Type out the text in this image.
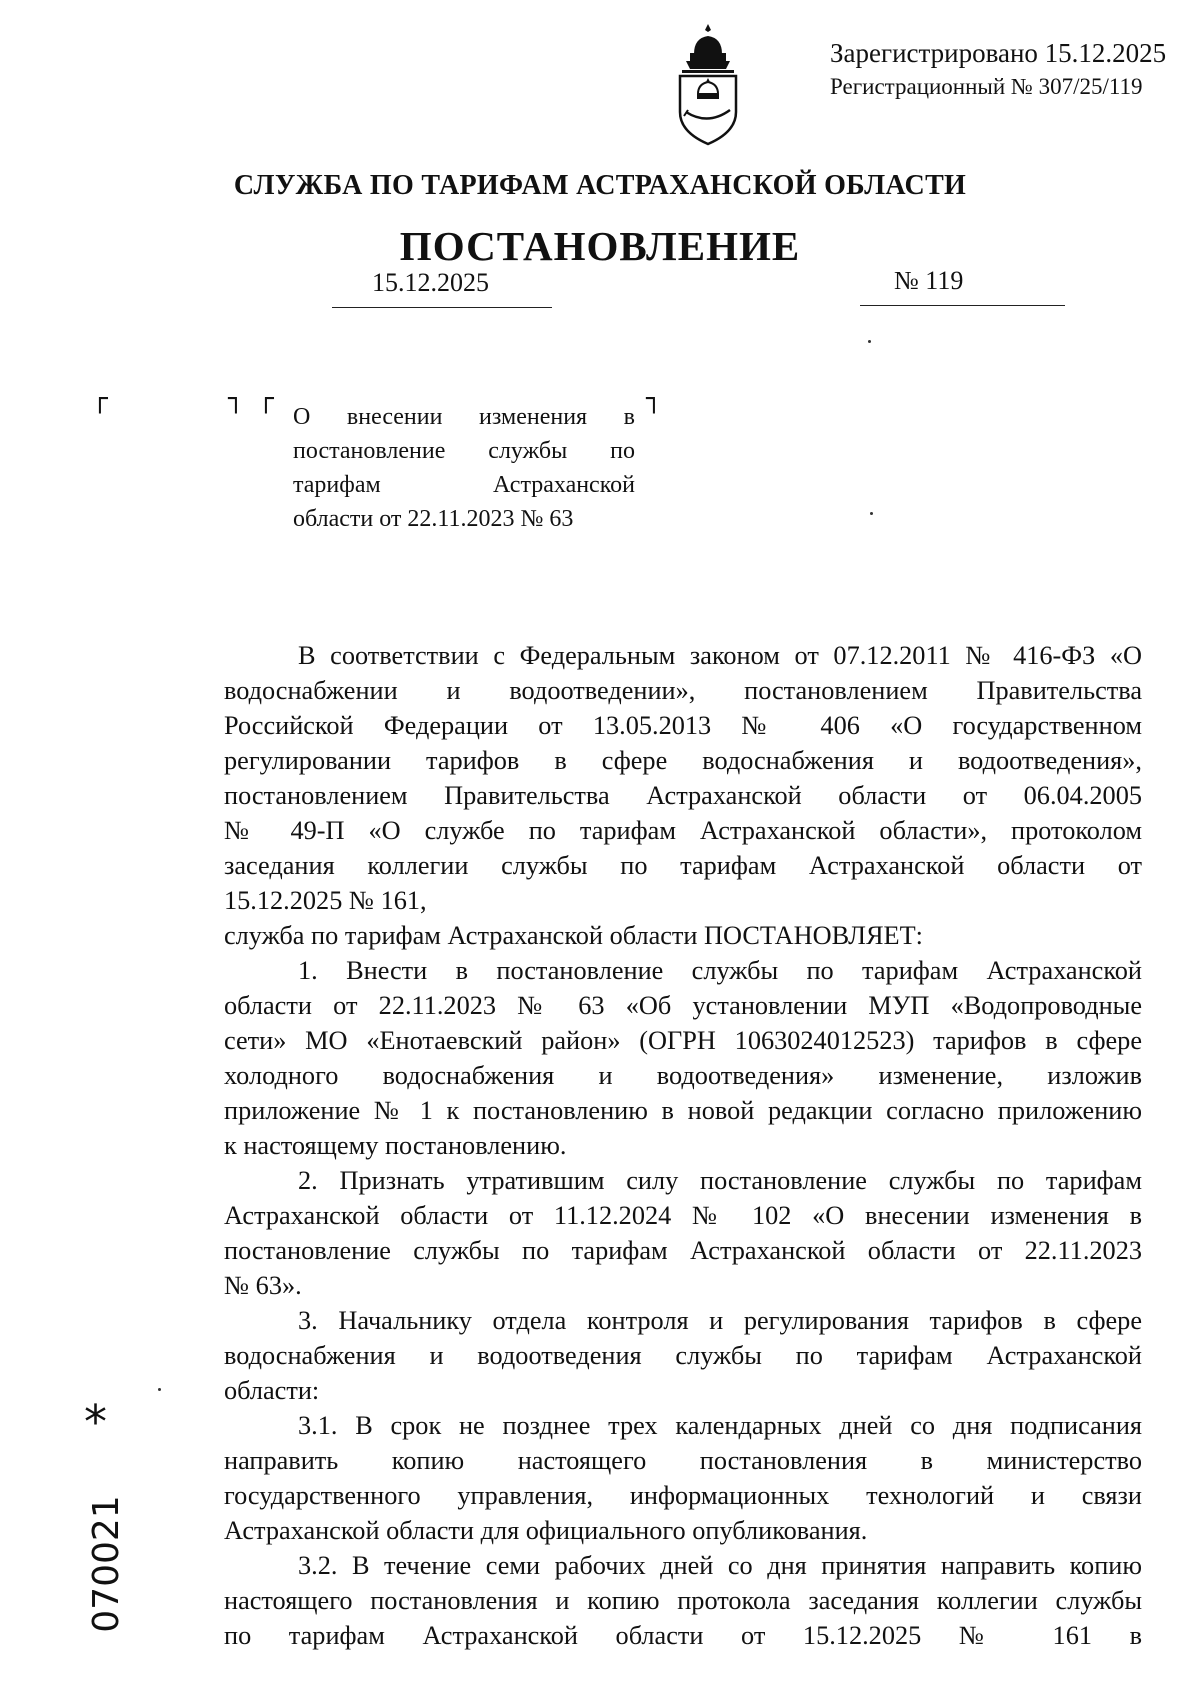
Зарегистрировано 15.12.2025
Регистрационный № 307/25/119
СЛУЖБА ПО ТАРИФАМ АСТРАХАНСКОЙ ОБЛАСТИ
ПОСТАНОВЛЕНИЕ
15.12.2025	№ 119
┌	┐ ┌	┐
О внесении изменения в
постановление службы по
тарифам Астраханской
области от 22.11.2023 № 63
В соответствии с Федеральным законом от 07.12.2011 № 416-ФЗ «О
водоснабжении и водоотведении», постановлением Правительства
Российской Федерации от 13.05.2013 № 406 «О государственном
регулировании тарифов в сфере водоснабжения и водоотведения»,
постановлением Правительства Астраханской области от 06.04.2005
№ 49-П «О службе по тарифам Астраханской области», протоколом
заседания коллегии службы по тарифам Астраханской области от
15.12.2025 № 161,
служба по тарифам Астраханской области ПОСТАНОВЛЯЕТ:
1. Внести в постановление службы по тарифам Астраханской
области от 22.11.2023 № 63 «Об установлении МУП «Водопроводные
сети» МО «Енотаевский район» (ОГРН 1063024012523) тарифов в сфере
холодного водоснабжения и водоотведения» изменение, изложив
приложение № 1 к постановлению в новой редакции согласно приложению
к настоящему постановлению.
2. Признать утратившим силу постановление службы по тарифам
Астраханской области от 11.12.2024 № 102 «О внесении изменения в
постановление службы по тарифам Астраханской области от 22.11.2023
№ 63».
3. Начальнику отдела контроля и регулирования тарифов в сфере
водоснабжения и водоотведения службы по тарифам Астраханской
области:
3.1. В срок не позднее трех календарных дней со дня подписания
направить копию настоящего постановления в министерство
государственного управления, информационных технологий и связи
Астраханской области для официального опубликования.
3.2. В течение семи рабочих дней со дня принятия направить копию
настоящего постановления и копию протокола заседания коллегии службы
по тарифам Астраханской области от 15.12.2025 № 161 в
*
070021
